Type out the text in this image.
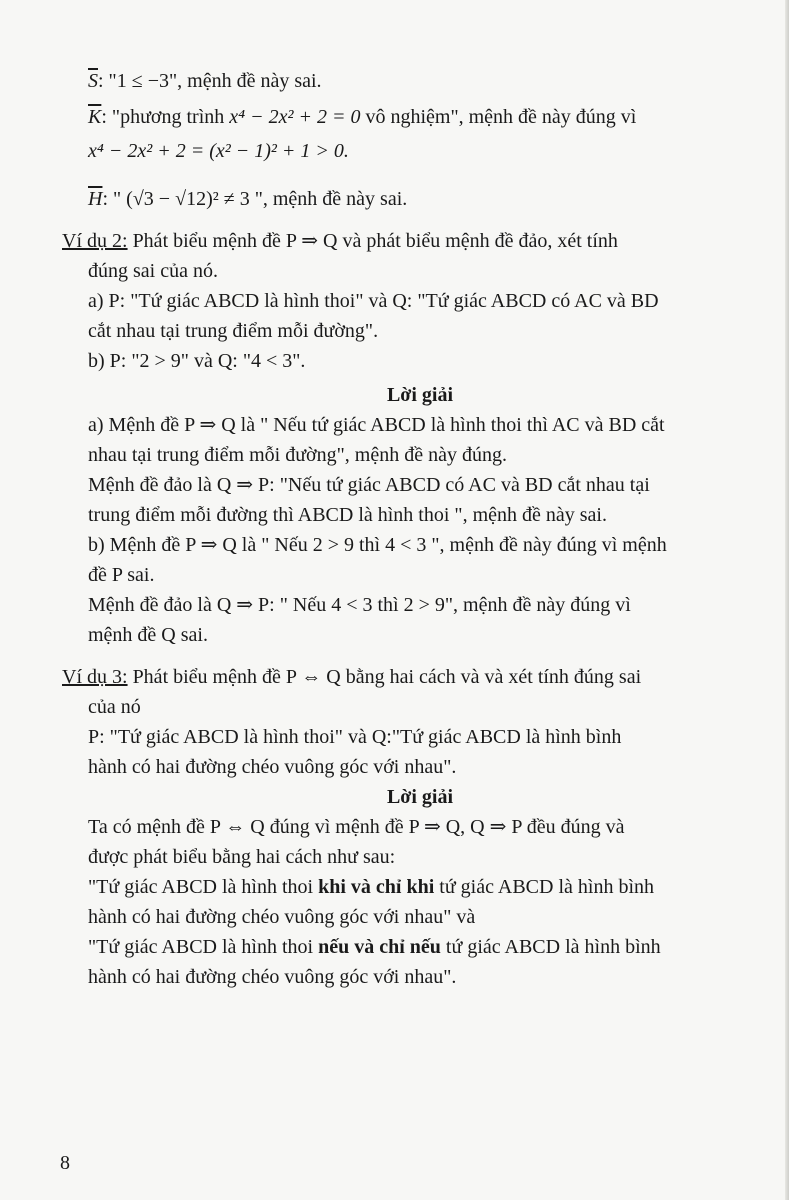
$\overline{S}$: "1 ≤ −3", mệnh đề này sai.
$\overline{K}$: "phương trình x⁴ − 2x² + 2 = 0 vô nghiệm", mệnh đề này đúng vì
x⁴ − 2x² + 2 = (x² − 1)² + 1 > 0.
$\overline{H}$: " (√3 − √12)² ≠ 3 ", mệnh đề này sai.
Ví dụ 2: Phát biểu mệnh đề P ⇒ Q và phát biểu mệnh đề đảo, xét tính
đúng sai của nó.
a) P: "Tứ giác ABCD là hình thoi" và Q: "Tứ giác ABCD có AC và BD
cắt nhau tại trung điểm mỗi đường".
b) P: "2 > 9" và Q: "4 < 3".
Lời giải
a) Mệnh đề P ⇒ Q là " Nếu tứ giác ABCD là hình thoi thì AC và BD cắt
nhau tại trung điểm mỗi đường", mệnh đề này đúng.
Mệnh đề đảo là Q ⇒ P: "Nếu tứ giác ABCD có AC và BD cắt nhau tại
trung điểm mỗi đường thì ABCD là hình thoi ", mệnh đề này sai.
b) Mệnh đề P ⇒ Q là " Nếu 2 > 9 thì 4 < 3 ", mệnh đề này đúng vì mệnh
đề P sai.
Mệnh đề đảo là Q ⇒ P: " Nếu 4 < 3 thì 2 > 9", mệnh đề này đúng vì
mệnh đề Q sai.
Ví dụ 3: Phát biểu mệnh đề P ⇔ Q bằng hai cách và và xét tính đúng sai
của nó
P: "Tứ giác ABCD là hình thoi" và Q:"Tứ giác ABCD là hình bình
hành có hai đường chéo vuông góc với nhau".
Lời giải
Ta có mệnh đề P ⇔ Q đúng vì mệnh đề P ⇒ Q, Q ⇒ P đều đúng và
được phát biểu bằng hai cách như sau:
"Tứ giác ABCD là hình thoi khi và chỉ khi tứ giác ABCD là hình bình
hành có hai đường chéo vuông góc với nhau" và
"Tứ giác ABCD là hình thoi nếu và chỉ nếu tứ giác ABCD là hình bình
hành có hai đường chéo vuông góc với nhau".
8
